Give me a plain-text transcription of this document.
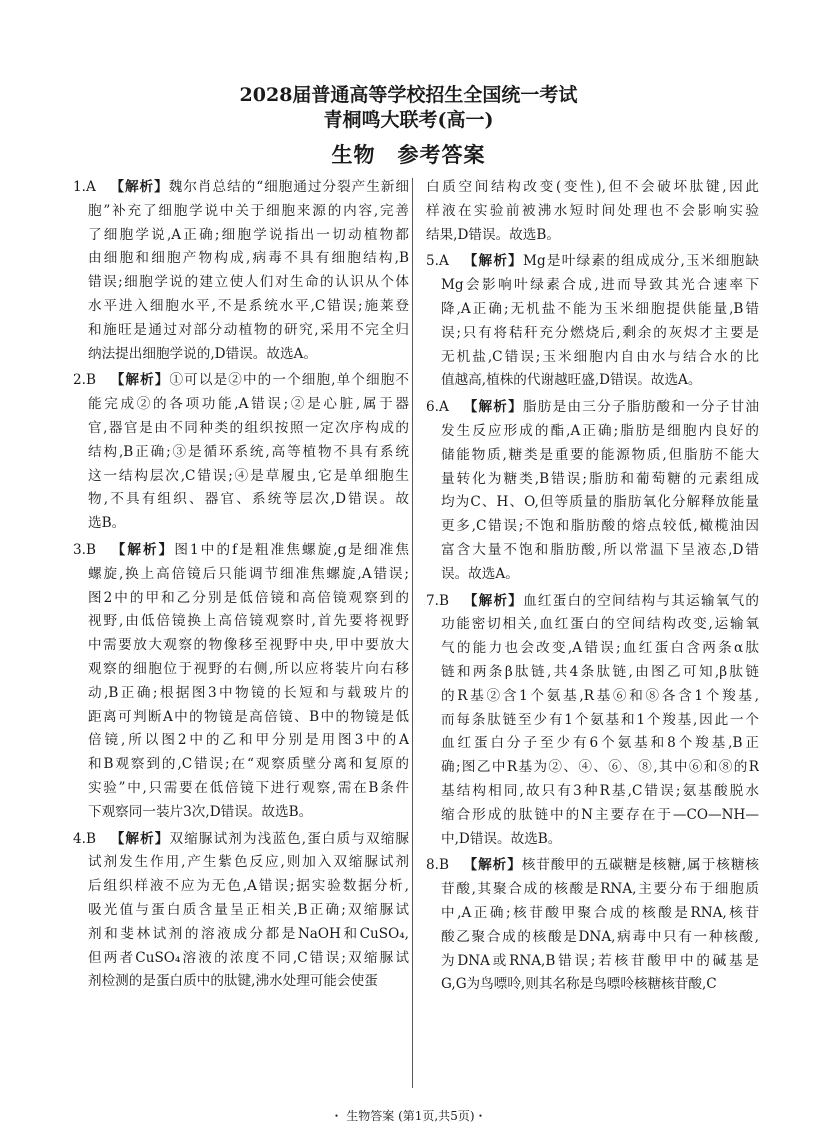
2028届普通高等学校招生全国统一考试
青桐鸣大联考(高一)
生物 参考答案
1.A  【解析】魏尔肖总结的“细胞通过分裂产生新细
胞”补充了细胞学说中关于细胞来源的内容,完善
了细胞学说,A正确;细胞学说指出一切动植物都
由细胞和细胞产物构成,病毒不具有细胞结构,B
错误;细胞学说的建立使人们对生命的认识从个体
水平进入细胞水平,不是系统水平,C错误;施莱登
和施旺是通过对部分动植物的研究,采用不完全归
纳法提出细胞学说的,D错误。故选A。
2.B  【解析】①可以是②中的一个细胞,单个细胞不
能完成②的各项功能,A错误;②是心脏,属于器
官,器官是由不同种类的组织按照一定次序构成的
结构,B正确;③是循环系统,高等植物不具有系统
这一结构层次,C错误;④是草履虫,它是单细胞生
物,不具有组织、器官、系统等层次,D错误。故
选B。
3.B  【解析】图1中的f是粗准焦螺旋,g是细准焦
螺旋,换上高倍镜后只能调节细准焦螺旋,A错误;
图2中的甲和乙分别是低倍镜和高倍镜观察到的
视野,由低倍镜换上高倍镜观察时,首先要将视野
中需要放大观察的物像移至视野中央,甲中要放大
观察的细胞位于视野的右侧,所以应将装片向右移
动,B正确;根据图3中物镜的长短和与载玻片的
距离可判断A中的物镜是高倍镜、B中的物镜是低
倍镜,所以图2中的乙和甲分别是用图3中的A
和B观察到的,C错误;在“观察质壁分离和复原的
实验”中,只需要在低倍镜下进行观察,需在B条件
下观察同一装片3次,D错误。故选B。
4.B  【解析】双缩脲试剂为浅蓝色,蛋白质与双缩脲
试剂发生作用,产生紫色反应,则加入双缩脲试剂
后组织样液不应为无色,A错误;据实验数据分析,
吸光值与蛋白质含量呈正相关,B正确;双缩脲试
剂和斐林试剂的溶液成分都是NaOH和CuSO₄,
但两者CuSO₄溶液的浓度不同,C错误;双缩脲试
剂检测的是蛋白质中的肽键,沸水处理可能会使蛋
白质空间结构改变(变性),但不会破坏肽键,因此
样液在实验前被沸水短时间处理也不会影响实验
结果,D错误。故选B。
5.A  【解析】Mg是叶绿素的组成成分,玉米细胞缺
Mg会影响叶绿素合成,进而导致其光合速率下
降,A正确;无机盐不能为玉米细胞提供能量,B错
误;只有将秸秆充分燃烧后,剩余的灰烬才主要是
无机盐,C错误;玉米细胞内自由水与结合水的比
值越高,植株的代谢越旺盛,D错误。故选A。
6.A  【解析】脂肪是由三分子脂肪酸和一分子甘油
发生反应形成的酯,A正确;脂肪是细胞内良好的
储能物质,糖类是重要的能源物质,但脂肪不能大
量转化为糖类,B错误;脂肪和葡萄糖的元素组成
均为C、H、O,但等质量的脂肪氧化分解释放能量
更多,C错误;不饱和脂肪酸的熔点较低,橄榄油因
富含大量不饱和脂肪酸,所以常温下呈液态,D错
误。故选A。
7.B  【解析】血红蛋白的空间结构与其运输氧气的
功能密切相关,血红蛋白的空间结构改变,运输氧
气的能力也会改变,A错误;血红蛋白含两条α肽
链和两条β肽链,共4条肽链,由图乙可知,β肽链
的R基②含1个氨基,R基⑥和⑧各含1个羧基,
而每条肽链至少有1个氨基和1个羧基,因此一个
血红蛋白分子至少有6个氨基和8个羧基,B正
确;图乙中R基为②、④、⑥、⑧,其中⑥和⑧的R
基结构相同,故只有3种R基,C错误;氨基酸脱水
缩合形成的肽链中的N主要存在于—CO—NH—
中,D错误。故选B。
8.B  【解析】核苷酸甲的五碳糖是核糖,属于核糖核
苷酸,其聚合成的核酸是RNA,主要分布于细胞质
中,A正确;核苷酸甲聚合成的核酸是RNA,核苷
酸乙聚合成的核酸是DNA,病毒中只有一种核酸,
为DNA或RNA,B错误;若核苷酸甲中的碱基是
G,G为鸟嘌呤,则其名称是鸟嘌呤核糖核苷酸,C
・ 生物答案 (第1页,共5页)・
